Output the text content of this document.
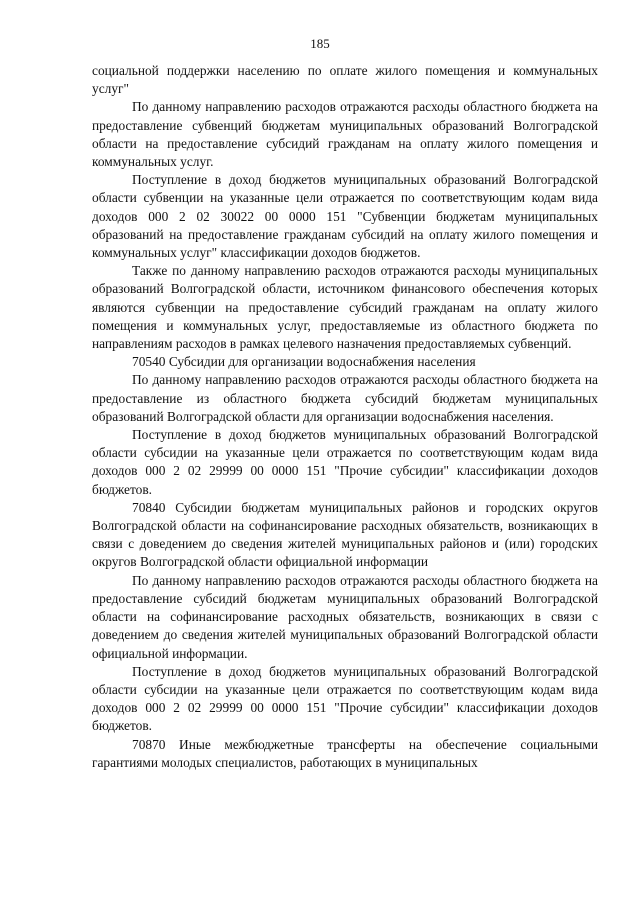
185

социальной поддержки населению по оплате жилого помещения и коммунальных услуг"

По данному направлению расходов отражаются расходы областного бюджета на предоставление субвенций бюджетам муниципальных образований Волгоградской области на предоставление субсидий гражданам на оплату жилого помещения и коммунальных услуг.

Поступление в доход бюджетов муниципальных образований Волгоградской области субвенции на указанные цели отражается по соответствующим кодам вида доходов 000 2 02 30022 00 0000 151 "Субвенции бюджетам муниципальных образований на предоставление гражданам субсидий на оплату жилого помещения и коммунальных услуг" классификации доходов бюджетов.

Также по данному направлению расходов отражаются расходы муниципальных образований Волгоградской области, источником финансового обеспечения которых являются субвенции на предоставление субсидий гражданам на оплату жилого помещения и коммунальных услуг, предоставляемые из областного бюджета по направлениям расходов в рамках целевого назначения предоставляемых субвенций.

70540 Субсидии для организации водоснабжения населения

По данному направлению расходов отражаются расходы областного бюджета на предоставление из областного бюджета субсидий бюджетам муниципальных образований Волгоградской области для организации водоснабжения населения.

Поступление в доход бюджетов муниципальных образований Волгоградской области субсидии на указанные цели отражается по соответствующим кодам вида доходов 000 2 02 29999 00 0000 151 "Прочие субсидии" классификации доходов бюджетов.

70840 Субсидии бюджетам муниципальных районов и городских округов Волгоградской области на софинансирование расходных обязательств, возникающих в связи с доведением до сведения жителей муниципальных районов и (или) городских округов Волгоградской области официальной информации

По данному направлению расходов отражаются расходы областного бюджета на предоставление субсидий бюджетам муниципальных образований Волгоградской области на софинансирование расходных обязательств, возникающих в связи с доведением до сведения жителей муниципальных образований Волгоградской области официальной информации.

Поступление в доход бюджетов муниципальных образований Волгоградской области субсидии на указанные цели отражается по соответствующим кодам вида доходов 000 2 02 29999 00 0000 151 "Прочие субсидии" классификации доходов бюджетов.

70870 Иные межбюджетные трансферты на обеспечение социальными гарантиями молодых специалистов, работающих в муниципальных
